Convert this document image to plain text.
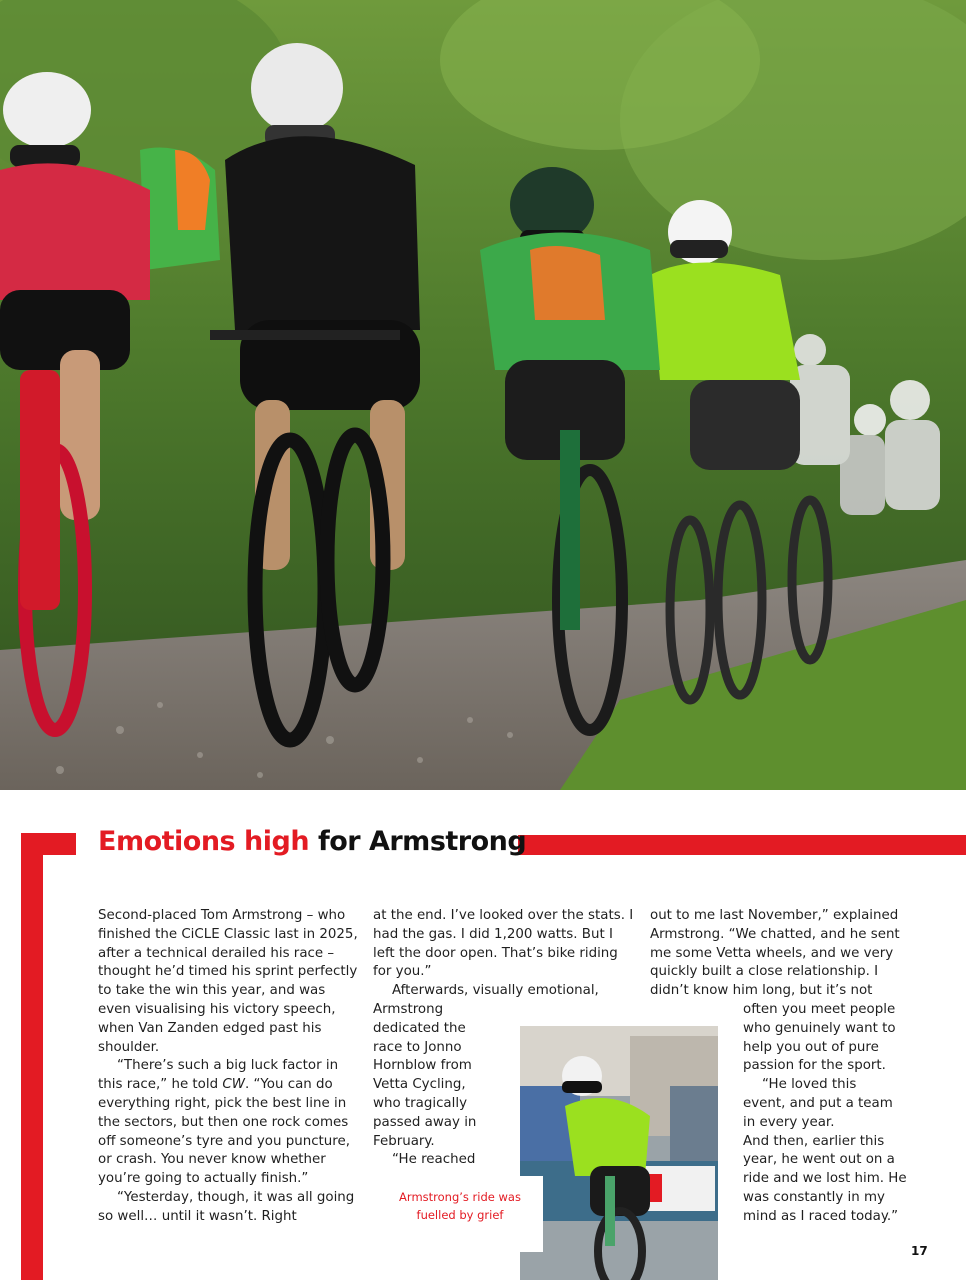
Emotions high for Armstrong

Second-placed Tom Armstrong – who finished the CiCLE Classic last in 2025, after a technical derailed his race – thought he’d timed his sprint perfectly to take the win this year, and was even visualising his victory speech, when Van Zanden edged past his shoulder.

“There’s such a big luck factor in this race,” he told CW. “You can do everything right, pick the best line in the sectors, but then one rock comes off someone’s tyre and you puncture, or crash. You never know whether you’re going to actually finish.”

“Yesterday, though, it was all going so well… until it wasn’t. Right

at the end. I’ve looked over the stats. I had the gas. I did 1,200 watts. But I left the door open. That’s bike riding for you.”

Afterwards, visually emotional,

Armstrong dedicated the race to Jonno Hornblow from Vetta Cycling, who tragically passed away in February.

“He reached

out to me last November,” explained Armstrong. “We chatted, and he sent me some Vetta wheels, and we very quickly built a close relationship. I didn’t know him long, but it’s not

often you meet people who genuinely want to help you out of pure passion for the sport.

“He loved this event, and put a team in every year.

And then, earlier this year, he went out on a ride and we lost him. He was constantly in my mind as I raced today.”

Armstrong’s ride was fuelled by grief
17
